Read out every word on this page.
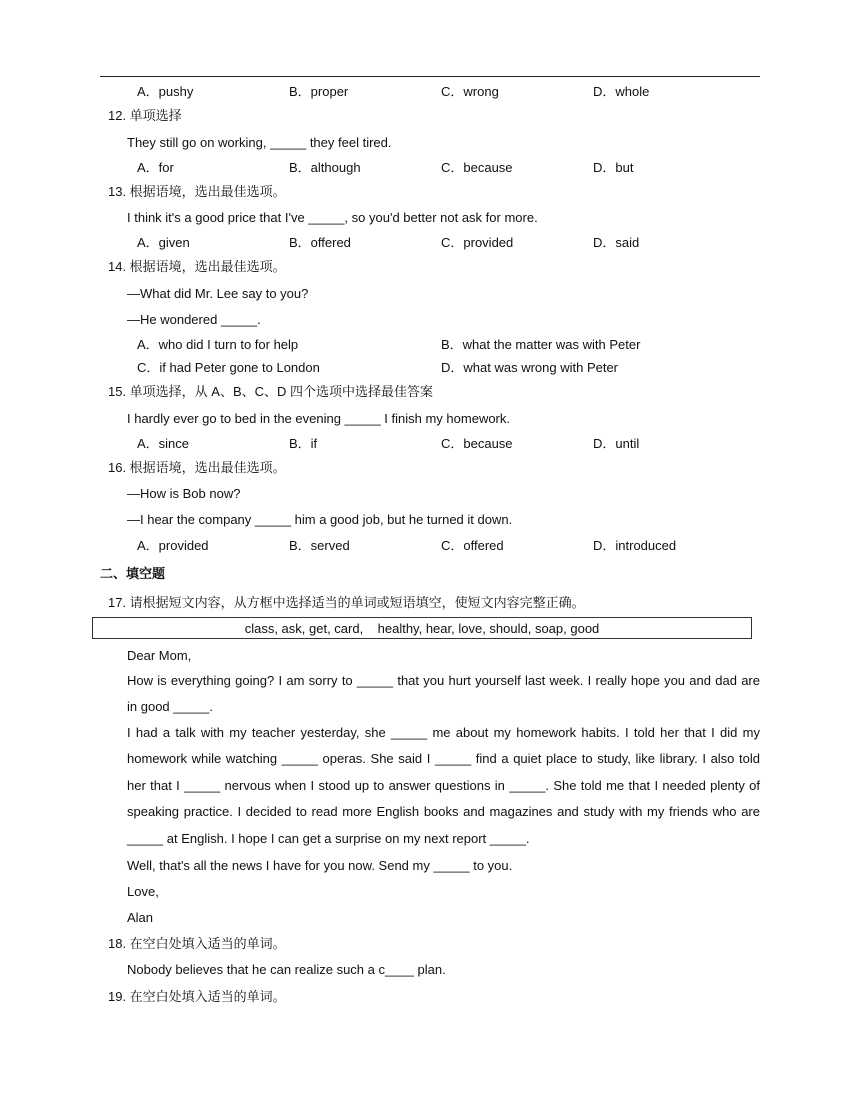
A．pushy	B．proper	C．wrong	D．whole
12. 单项选择
They still go on working, _____ they feel tired.
A．for	B．although	C．because	D．but
13. 根据语境，选出最佳选项。
I think it's a good price that I've _____, so you'd better not ask for more.
A．given	B．offered	C．provided	D．said
14. 根据语境，选出最佳选项。
—What did Mr. Lee say to you?
—He wondered _____.
A．who did I turn to for help	B．what the matter was with Peter
C．if had Peter gone to London	D．what was wrong with Peter
15. 单项选择，从 A、B、C、D 四个选项中选择最佳答案
I hardly ever go to bed in the evening _____ I finish my homework.
A．since	B．if	C．because	D．until
16. 根据语境，选出最佳选项。
—How is Bob now?
—I hear the company _____ him a good job, but he turned it down.
A．provided	B．served	C．offered	D．introduced
二、填空题
17. 请根据短文内容，从方框中选择适当的单词或短语填空，使短文内容完整正确。
class, ask, get, card,    healthy, hear, love, should, soap, good
Dear Mom,
How is everything going? I am sorry to _____ that you hurt yourself last week. I really hope you and dad are in good _____.
I had a talk with my teacher yesterday, she _____ me about my homework habits. I told her that I did my homework while watching _____ operas. She said I _____ find a quiet place to study, like library. I also told her that I _____ nervous when I stood up to answer questions in _____. She told me that I needed plenty of speaking practice. I decided to read more English books and magazines and study with my friends who are _____ at English. I hope I can get a surprise on my next report _____.
Well, that's all the news I have for you now. Send my _____ to you.
Love,
Alan
18. 在空白处填入适当的单词。
Nobody believes that he can realize such a c____ plan.
19. 在空白处填入适当的单词。
